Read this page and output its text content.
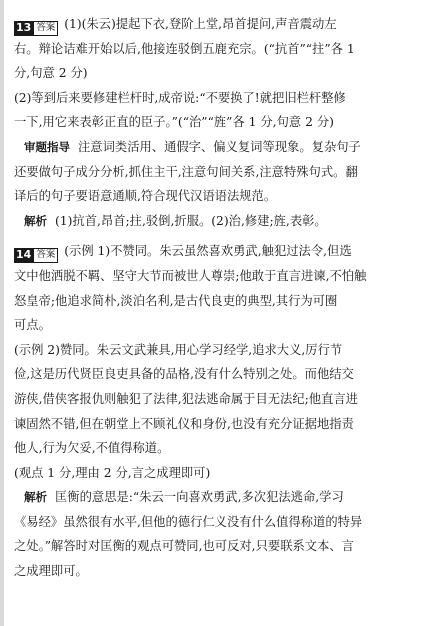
13 答案 (1)(朱云)提起下衣,登阶上堂,昂首提问,声音震动左
右。辩论诘难开始以后,他接连驳倒五鹿充宗。(“抗首”“拄”各 1
分,句意 2 分)

(2)等到后来要修建栏杆时,成帝说:“不要换了!就把旧栏杆整修
一下,用它来表彰正直的臣子。”(“治”“旌”各 1 分,句意 2 分)

审题指导 注意词类活用、通假字、偏义复词等现象。复杂句子

还要做句子成分分析,抓住主干,注意句间关系,注意特殊句式。翻
译后的句子要语意通顺,符合现代汉语语法规范。

解析 (1)抗首,昂首;拄,驳倒,折服。(2)治,修建;旌,表彰。

14 答案 (示例 1)不赞同。朱云虽然喜欢勇武,触犯过法令,但选
文中他洒脱不羁、坚守大节而被世人尊崇;他敢于直言进谏,不怕触
怒皇帝;他追求简朴,淡泊名利,是古代良吏的典型,其行为可圈
可点。

(示例 2)赞同。朱云文武兼具,用心学习经学,追求大义,厉行节
俭,这是历代贤臣良吏具备的品格,没有什么特别之处。而他结交
游侠,借侠客报仇则触犯了法律,犯法逃命属于目无法纪;他直言进
谏固然不错,但在朝堂上不顾礼仪和身份,也没有充分证据地指责
他人,行为欠妥,不值得称道。

(观点 1 分,理由 2 分,言之成理即可)

解析 匡衡的意思是:“朱云一向喜欢勇武,多次犯法逃命,学习

《易经》虽然很有水平,但他的德行仁义没有什么值得称道的特异
之处。”解答时对匡衡的观点可赞同,也可反对,只要联系文本、言
之成理即可。
